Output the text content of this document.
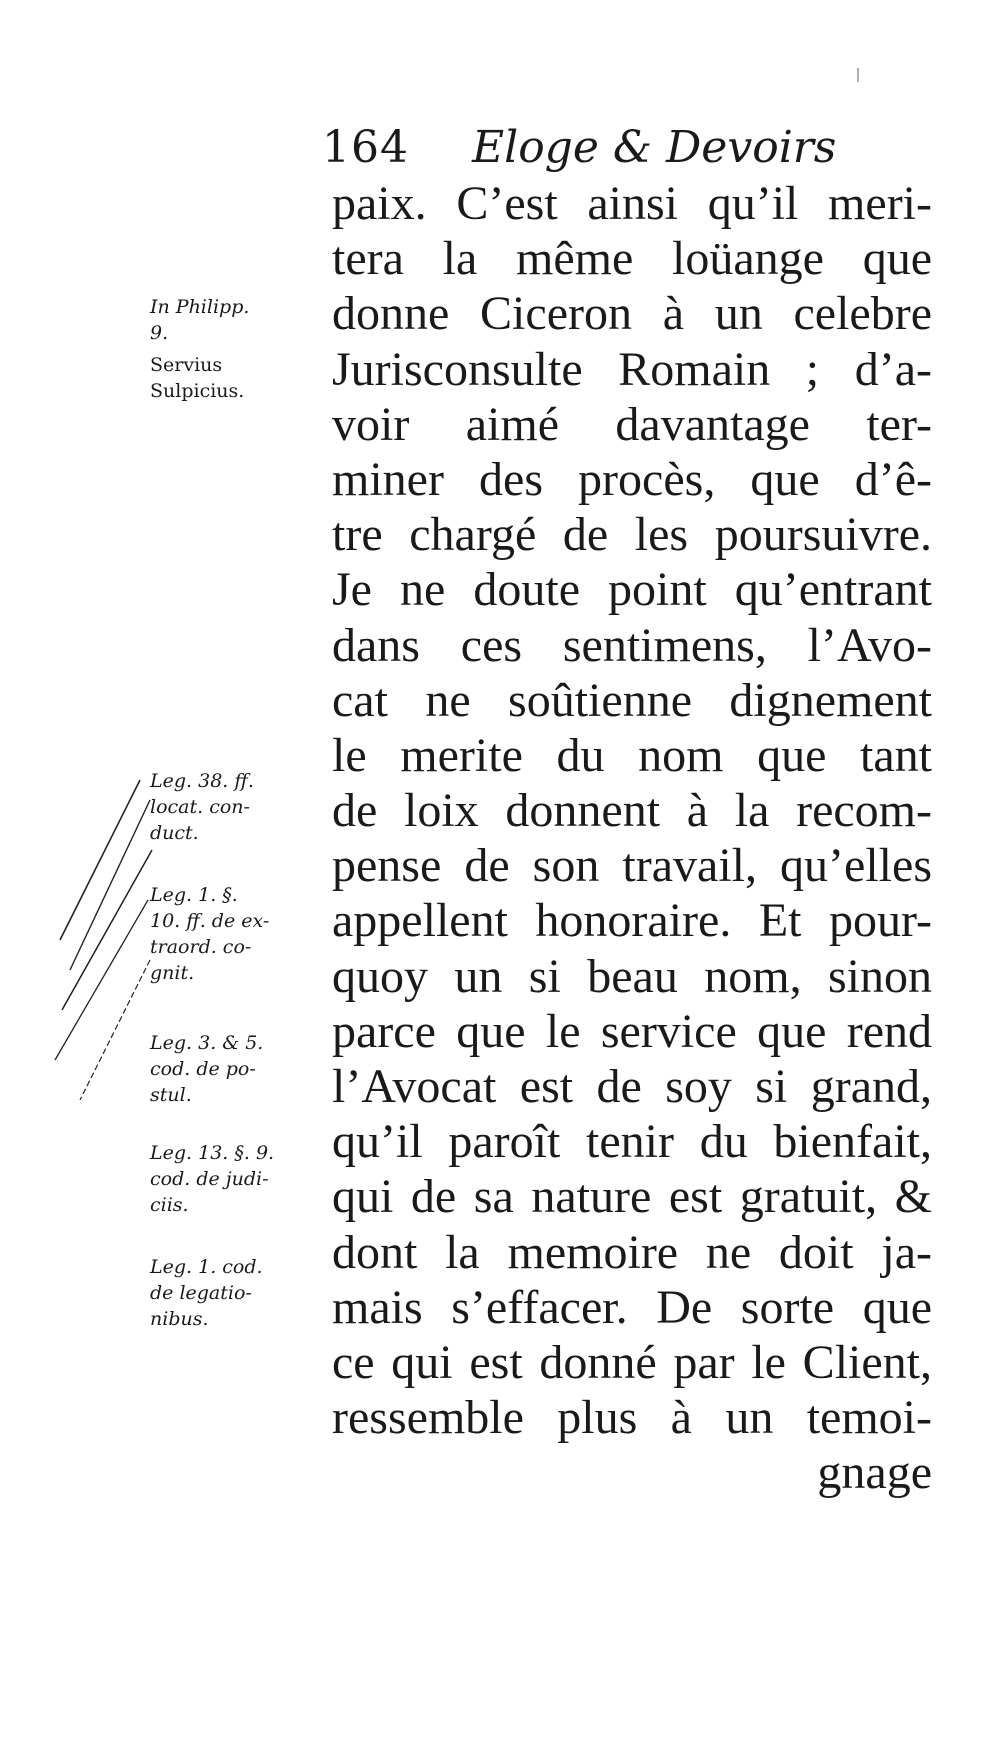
164 Eloge & Devoirs
paix. C’est ainsi qu’il meri-
tera la même loüange que
donne Ciceron à un celebre
Jurisconsulte Romain ; d’a-
voir aimé davantage ter-
miner des procès, que d’ê-
tre chargé de les poursuivre.
Je ne doute point qu’entrant
dans ces sentimens, l’Avo-
cat ne soûtienne dignement
le merite du nom que tant
de loix donnent à la recom-
pense de son travail, qu’elles
appellent honoraire. Et pour-
quoy un si beau nom, sinon
parce que le service que rend
l’Avocat est de soy si grand,
qu’il paroît tenir du bienfait,
qui de sa nature est gratuit, &
dont la memoire ne doit ja-
mais s’effacer. De sorte que
ce qui est donné par le Client,
ressemble plus à un temoi-
gnage
In Philipp.
9.
Servius
Sulpicius.
Leg. 38. ff.
locat. con-
duct.
Leg. 1. §.
10. ff. de ex-
traord. co-
gnit.
Leg. 3. & 5.
cod. de po-
stul.
Leg. 13. §. 9.
cod. de judi-
ciis.
Leg. 1. cod.
de legatio-
nibus.
